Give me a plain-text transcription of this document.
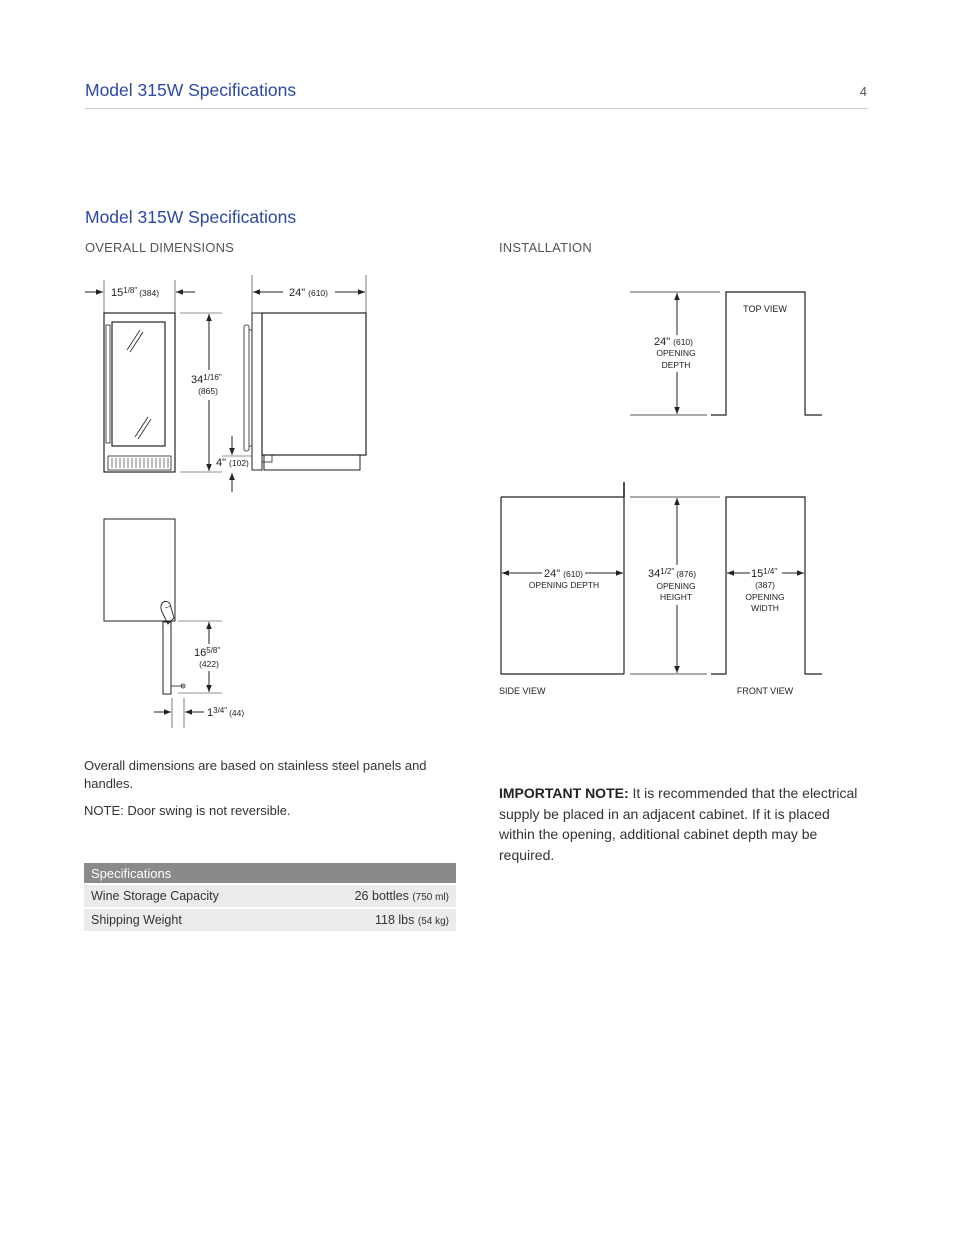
Model 315W Specifications	4
Model 315W Specifications
OVERALL DIMENSIONS	INSTALLATION
$15^{1/8"}$ $_{(384)}$	24" (610)
$34^{1/16"}$
(865)
4" (102)
$16^{5/8"}$
(422)
$1^{3/4"}$ $_{(44)}$
TOP VIEW
SIDE VIEW	FRONT VIEW
24" (610)
OPENING
DEPTH
24" (610)
OPENING DEPTH
$34^{1/2"}$ $_{(876)}$
OPENING
HEIGHT
$15^{1/4"}$
(387)
OPENING
WIDTH
Overall dimensions are based on stainless steel panels and handles.
NOTE: Door swing is not reversible.
IMPORTANT NOTE: It is recommended that the electrical supply be placed in an adjacent cabinet. If it is placed within the opening, additional cabinet depth may be required.
Specifications	
Wine Storage Capacity	26 bottles (750 ml)
Shipping Weight	118 lbs (54 kg)
